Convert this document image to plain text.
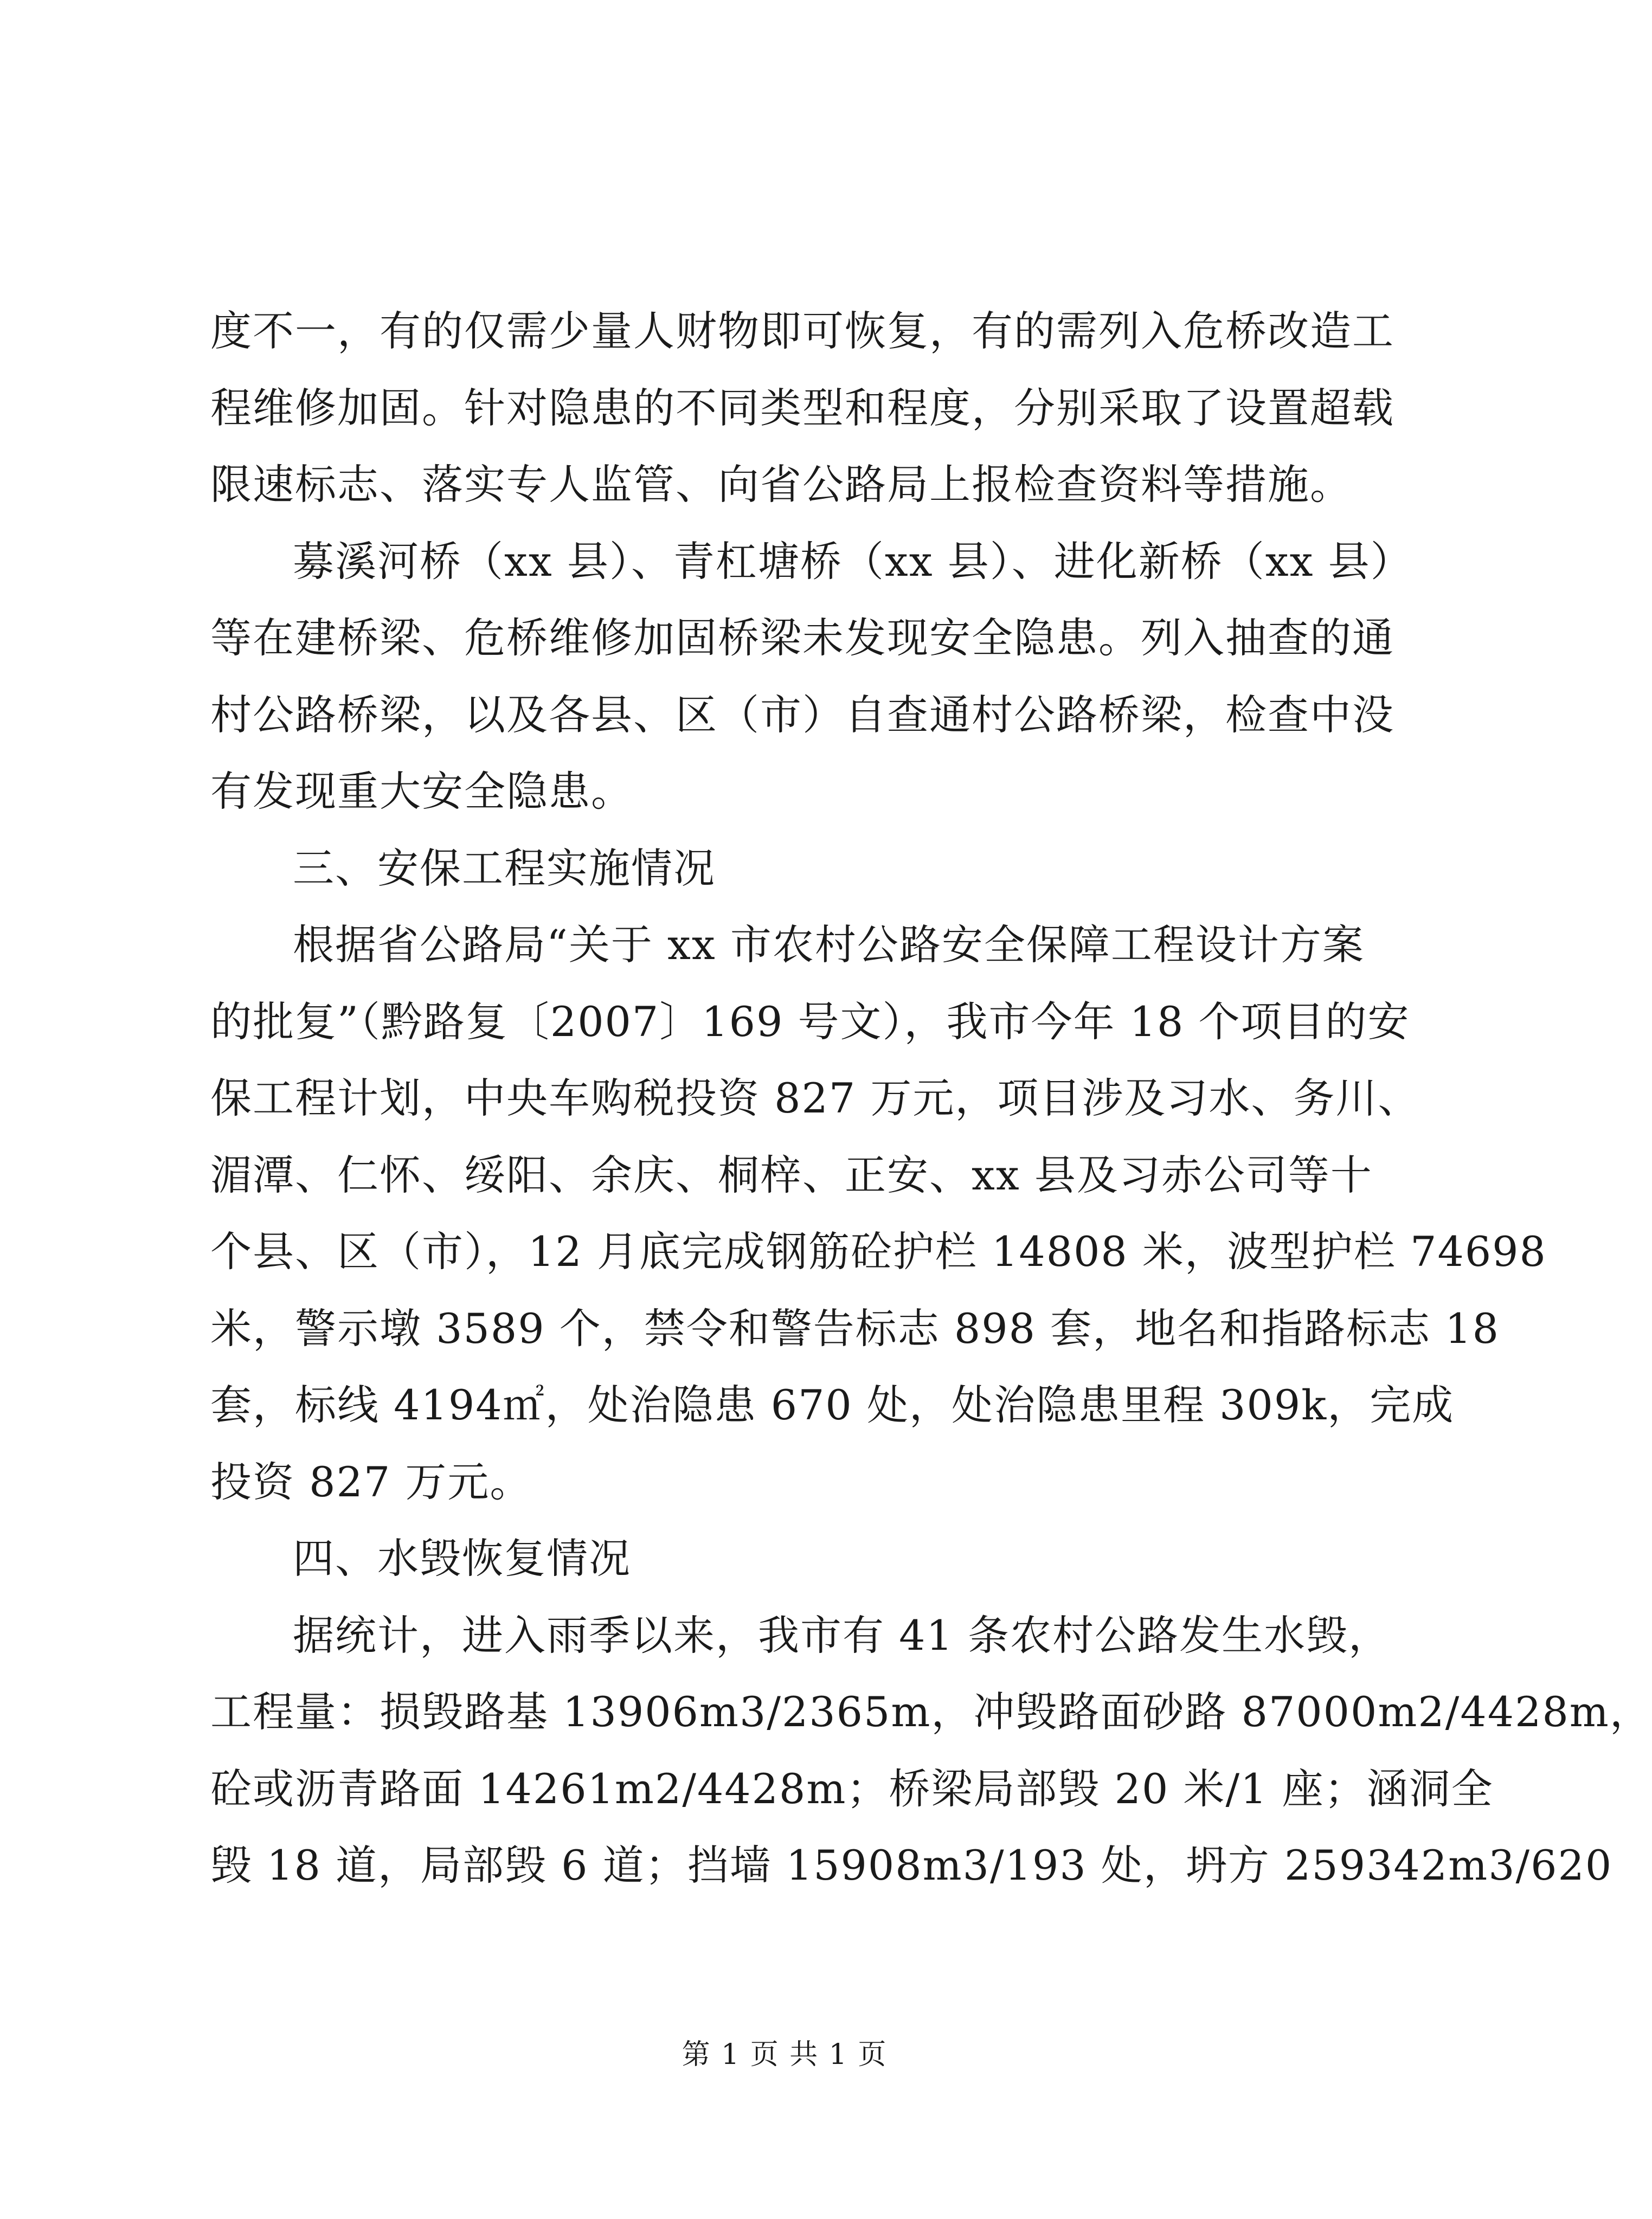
度不一，有的仅需少量人财物即可恢复，有的需列入危桥改造工
程维修加固。针对隐患的不同类型和程度，分别采取了设置超载
限速标志、落实专人监管、向省公路局上报检查资料等措施。
募溪河桥（xx 县）、青杠塘桥（xx 县）、进化新桥（xx 县）
等在建桥梁、危桥维修加固桥梁未发现安全隐患。列入抽查的通
村公路桥梁，以及各县、区（市）自查通村公路桥梁，检查中没
有发现重大安全隐患。
三、安保工程实施情况
根据省公路局“关于 xx 市农村公路安全保障工程设计方案
的批复”（黔路复〔2007〕169 号文），我市今年 18 个项目的安
保工程计划，中央车购税投资 827 万元，项目涉及习水、务川、
湄潭、仁怀、绥阳、余庆、桐梓、正安、xx 县及习赤公司等十
个县、区（市），12 月底完成钢筋砼护栏 14808 米，波型护栏 74698
米，警示墩 3589 个，禁令和警告标志 898 套，地名和指路标志 18
套，标线 4194㎡，处治隐患 670 处，处治隐患里程 309k，完成
投资 827 万元。
四、水毁恢复情况
据统计，进入雨季以来，我市有 41 条农村公路发生水毁，
工程量：损毁路基 13906m3/2365m，冲毁路面砂路 87000m2/4428m，
砼或沥青路面 14261m2/4428m；桥梁局部毁 20 米/1 座；涵洞全
毁 18 道，局部毁 6 道；挡墙 15908m3/193 处，坍方 259342m3/620
第 1 页 共 1 页
